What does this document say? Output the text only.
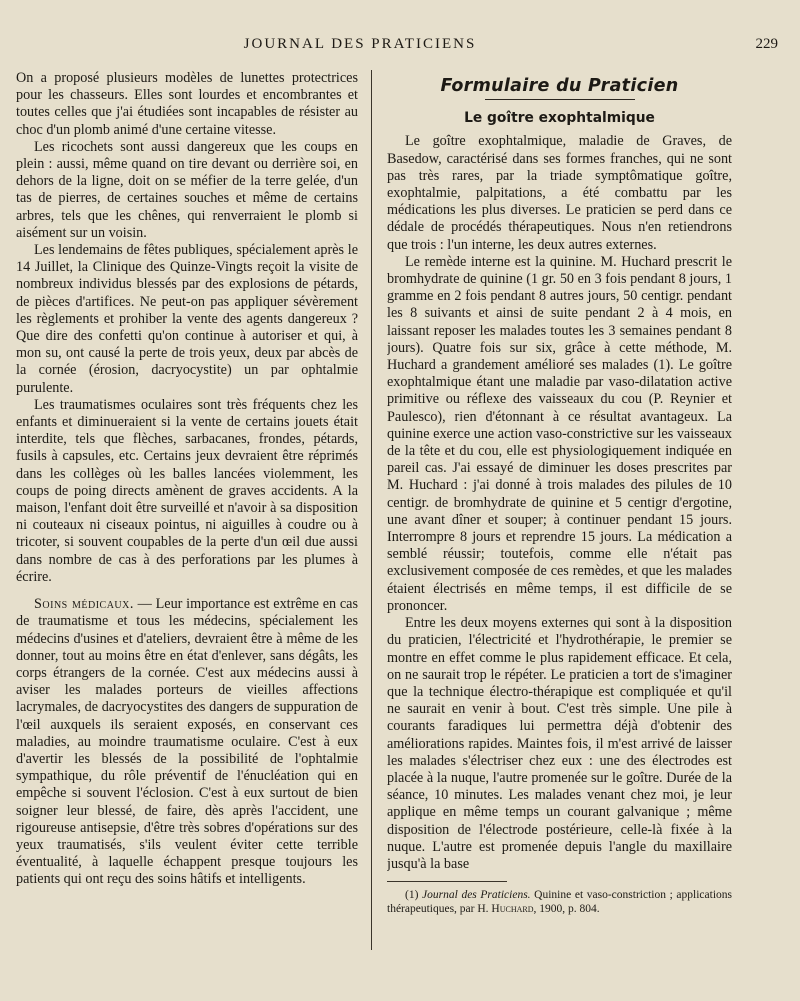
JOURNAL DES PRATICIENS	229

On a proposé plusieurs modèles de lunettes protectrices pour les chasseurs. Elles sont lourdes et encombrantes et toutes celles que j'ai étudiées sont incapables de résister au choc d'un plomb animé d'une certaine vitesse.

Les ricochets sont aussi dangereux que les coups en plein : aussi, même quand on tire devant ou derrière soi, en dehors de la ligne, doit on se méfier de la terre gelée, d'un tas de pierres, de certaines souches et même de certains arbres, tels que les chênes, qui renverraient le plomb si aisément sur un voisin.

Les lendemains de fêtes publiques, spécialement après le 14 Juillet, la Clinique des Quinze-Vingts reçoit la visite de nombreux individus blessés par des explosions de pétards, de pièces d'artifices. Ne peut-on pas appliquer sévèrement les règlements et prohiber la vente des agents dangereux ? Que dire des confetti qu'on continue à autoriser et qui, à mon su, ont causé la perte de trois yeux, deux par abcès de la cornée (érosion, dacryocystite) un par ophtalmie purulente.

Les traumatismes oculaires sont très fréquents chez les enfants et diminueraient si la vente de certains jouets était interdite, tels que flèches, sarbacanes, frondes, pétards, fusils à capsules, etc. Certains jeux devraient être réprimés dans les collèges où les balles lancées violemment, les coups de poing directs amènent de graves accidents. A la maison, l'enfant doit être surveillé et n'avoir à sa disposition ni couteaux ni ciseaux pointus, ni aiguilles à coudre ou à tricoter, si souvent coupables de la perte d'un œil due aussi dans nombre de cas à des perforations par les plumes à écrire.

Soins médicaux. — Leur importance est extrême en cas de traumatisme et tous les médecins, spécialement les médecins d'usines et d'ateliers, devraient être à même de les donner, tout au moins être en état d'enlever, sans dégâts, les corps étrangers de la cornée. C'est aux médecins aussi à aviser les malades porteurs de vieilles affections lacrymales, de dacryocystites des dangers de suppuration de l'œil auxquels ils seraient exposés, en conservant ces maladies, au moindre traumatisme oculaire. C'est à eux d'avertir les blessés de la possibilité de l'ophtalmie sympathique, du rôle préventif de l'énucléation qui en empêche si souvent l'éclosion. C'est à eux surtout de bien soigner leur blessé, de faire, dès après l'accident, une rigoureuse antisepsie, d'être très sobres d'opérations sur des yeux traumatisés, s'ils veulent éviter cette terrible éventualité, à laquelle échappent presque toujours les patients qui ont reçu des soins hâtifs et intelligents.

Formulaire du Praticien
Le goître exophtalmique

Le goître exophtalmique, maladie de Graves, de Basedow, caractérisé dans ses formes franches, qui ne sont pas très rares, par la triade symptômatique goître, exophtalmie, palpitations, a été combattu par les médications les plus diverses. Le praticien se perd dans ce dédale de procédés thérapeutiques. Nous n'en retiendrons que trois : l'un interne, les deux autres externes.

Le remède interne est la quinine. M. Huchard prescrit le bromhydrate de quinine (1 gr. 50 en 3 fois pendant 8 jours, 1 gramme en 2 fois pendant 8 autres jours, 50 centigr. pendant les 8 suivants et ainsi de suite pendant 2 à 4 mois, en laissant reposer les malades toutes les 3 semaines pendant 8 jours). Quatre fois sur six, grâce à cette méthode, M. Huchard a grandement amélioré ses malades (1). Le goître exophtalmique étant une maladie par vaso-dilatation active primitive ou réflexe des vaisseaux du cou (P. Reynier et Paulesco), rien d'étonnant à ce résultat avantageux. La quinine exerce une action vaso-constrictive sur les vaisseaux de la tête et du cou, elle est physiologiquement indiquée en pareil cas. J'ai essayé de diminuer les doses prescrites par M. Huchard : j'ai donné à trois malades des pilules de 10 centigr. de bromhydrate de quinine et 5 centigr d'ergotine, une avant dîner et souper; à continuer pendant 15 jours. Interrompre 8 jours et reprendre 15 jours. La médication a semblé réussir; toutefois, comme elle n'était pas exclusivement composée de ces remèdes, et que les malades étaient électrisés en même temps, il est difficile de se prononcer.

Entre les deux moyens externes qui sont à la disposition du praticien, l'électricité et l'hydrothérapie, le premier se montre en effet comme le plus rapidement efficace. Et cela, on ne saurait trop le répéter. Le praticien a tort de s'imaginer que la technique électro-thérapique est compliquée et qu'il ne saurait en venir à bout. C'est très simple. Une pile à courants faradiques lui permettra déjà d'obtenir des améliorations rapides. Maintes fois, il m'est arrivé de laisser les malades s'électriser chez eux : une des électrodes est placée à la nuque, l'autre promenée sur le goître. Durée de la séance, 10 minutes. Les malades venant chez moi, je leur applique en même temps un courant galvanique ; même disposition de l'électrode postérieure, celle-là fixée à la nuque. L'autre est promenée depuis l'angle du maxillaire jusqu'à la base

(1) Journal des Praticiens. Quinine et vaso-constriction ; applications thérapeutiques, par H. Huchard, 1900, p. 804.
